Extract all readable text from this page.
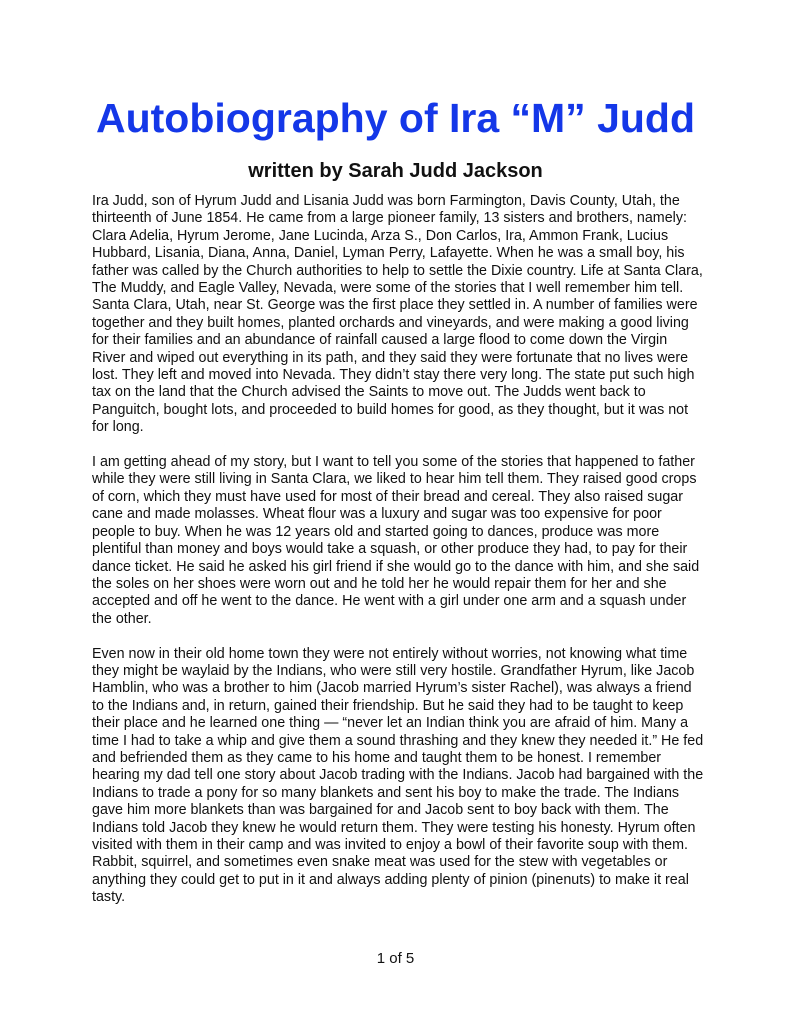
Autobiography of Ira “M” Judd
written by Sarah Judd Jackson

Ira Judd, son of Hyrum Judd and Lisania Judd was born Farmington, Davis County, Utah, the thirteenth of June 1854. He came from a large pioneer family, 13 sisters and brothers, namely: Clara Adelia, Hyrum Jerome, Jane Lucinda, Arza S., Don Carlos, Ira, Ammon Frank, Lucius Hubbard, Lisania, Diana, Anna, Daniel, Lyman Perry, Lafayette. When he was a small boy, his father was called by the Church authorities to help to settle the Dixie country. Life at Santa Clara, The Muddy, and Eagle Valley, Nevada, were some of the stories that I well remember him tell. Santa Clara, Utah, near St. George was the first place they settled in. A number of families were together and they built homes, planted orchards and vineyards, and were making a good living for their families and an abundance of rainfall caused a large flood to come down the Virgin River and wiped out everything in its path, and they said they were fortunate that no lives were lost. They left and moved into Nevada. They didn’t stay there very long. The state put such high tax on the land that the Church advised the Saints to move out. The Judds went back to Panguitch, bought lots, and proceeded to build homes for good, as they thought, but it was not for long.

I am getting ahead of my story, but I want to tell you some of the stories that happened to father while they were still living in Santa Clara, we liked to hear him tell them. They raised good crops of corn, which they must have used for most of their bread and cereal. They also raised sugar cane and made molasses. Wheat flour was a luxury and sugar was too expensive for poor people to buy. When he was 12 years old and started going to dances, produce was more plentiful than money and boys would take a squash, or other produce they had, to pay for their dance ticket. He said he asked his girl friend if she would go to the dance with him, and she said the soles on her shoes were worn out and he told her he would repair them for her and she accepted and off he went to the dance. He went with a girl under one arm and a squash under the other.

Even now in their old home town they were not entirely without worries, not knowing what time they might be waylaid by the Indians, who were still very hostile. Grandfather Hyrum, like Jacob Hamblin, who was a brother to him (Jacob married Hyrum’s sister Rachel), was always a friend to the Indians and, in return, gained their friendship. But he said they had to be taught to keep their place and he learned one thing — “never let an Indian think you are afraid of him. Many a time I had to take a whip and give them a sound thrashing and they knew they needed it.” He fed and befriended them as they came to his home and taught them to be honest. I remember hearing my dad tell one story about Jacob trading with the Indians. Jacob had bargained with the Indians to trade a pony for so many blankets and sent his boy to make the trade. The Indians gave him more blankets than was bargained for and Jacob sent to boy back with them. The Indians told Jacob they knew he would return them. They were testing his honesty. Hyrum often visited with them in their camp and was invited to enjoy a bowl of their favorite soup with them. Rabbit, squirrel, and sometimes even snake meat was used for the stew with vegetables or anything they could get to put in it and always adding plenty of pinion (pinenuts) to make it real tasty.

1 of 5
